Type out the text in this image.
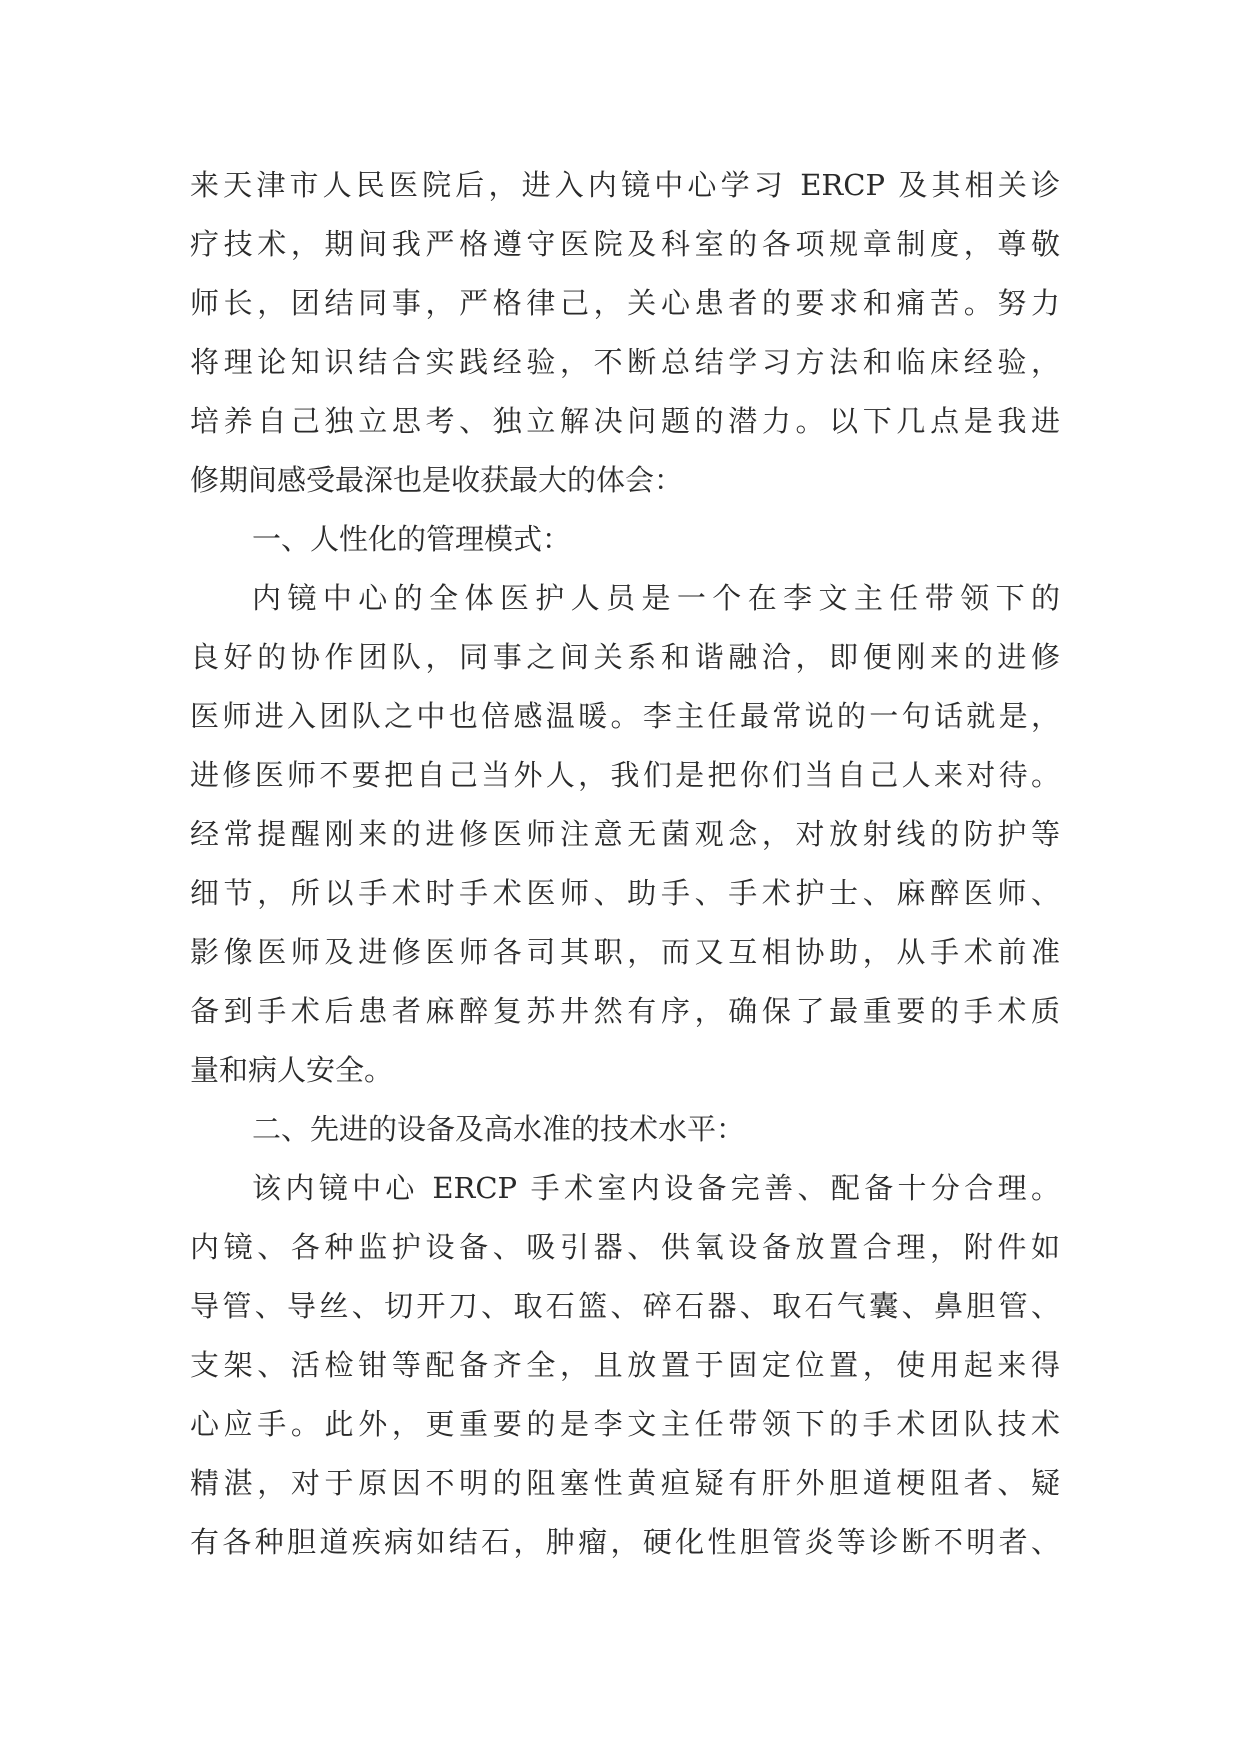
来天津市人民医院后，进入内镜中心学习 ERCP 及其相关诊
疗技术，期间我严格遵守医院及科室的各项规章制度，尊敬
师长，团结同事，严格律己，关心患者的要求和痛苦。努力
将理论知识结合实践经验，不断总结学习方法和临床经验，
培养自己独立思考、独立解决问题的潜力。以下几点是我进
修期间感受最深也是收获最大的体会：
一、人性化的管理模式：
内镜中心的全体医护人员是一个在李文主任带领下的
良好的协作团队，同事之间关系和谐融洽，即便刚来的进修
医师进入团队之中也倍感温暖。李主任最常说的一句话就是，
进修医师不要把自己当外人，我们是把你们当自己人来对待。
经常提醒刚来的进修医师注意无菌观念，对放射线的防护等
细节，所以手术时手术医师、助手、手术护士、麻醉医师、
影像医师及进修医师各司其职，而又互相协助，从手术前准
备到手术后患者麻醉复苏井然有序，确保了最重要的手术质
量和病人安全。
二、先进的设备及高水准的技术水平：
该内镜中心 ERCP 手术室内设备完善、配备十分合理。
内镜、各种监护设备、吸引器、供氧设备放置合理，附件如
导管、导丝、切开刀、取石篮、碎石器、取石气囊、鼻胆管、
支架、活检钳等配备齐全，且放置于固定位置，使用起来得
心应手。此外，更重要的是李文主任带领下的手术团队技术
精湛，对于原因不明的阻塞性黄疸疑有肝外胆道梗阻者、疑
有各种胆道疾病如结石，肿瘤，硬化性胆管炎等诊断不明者、
